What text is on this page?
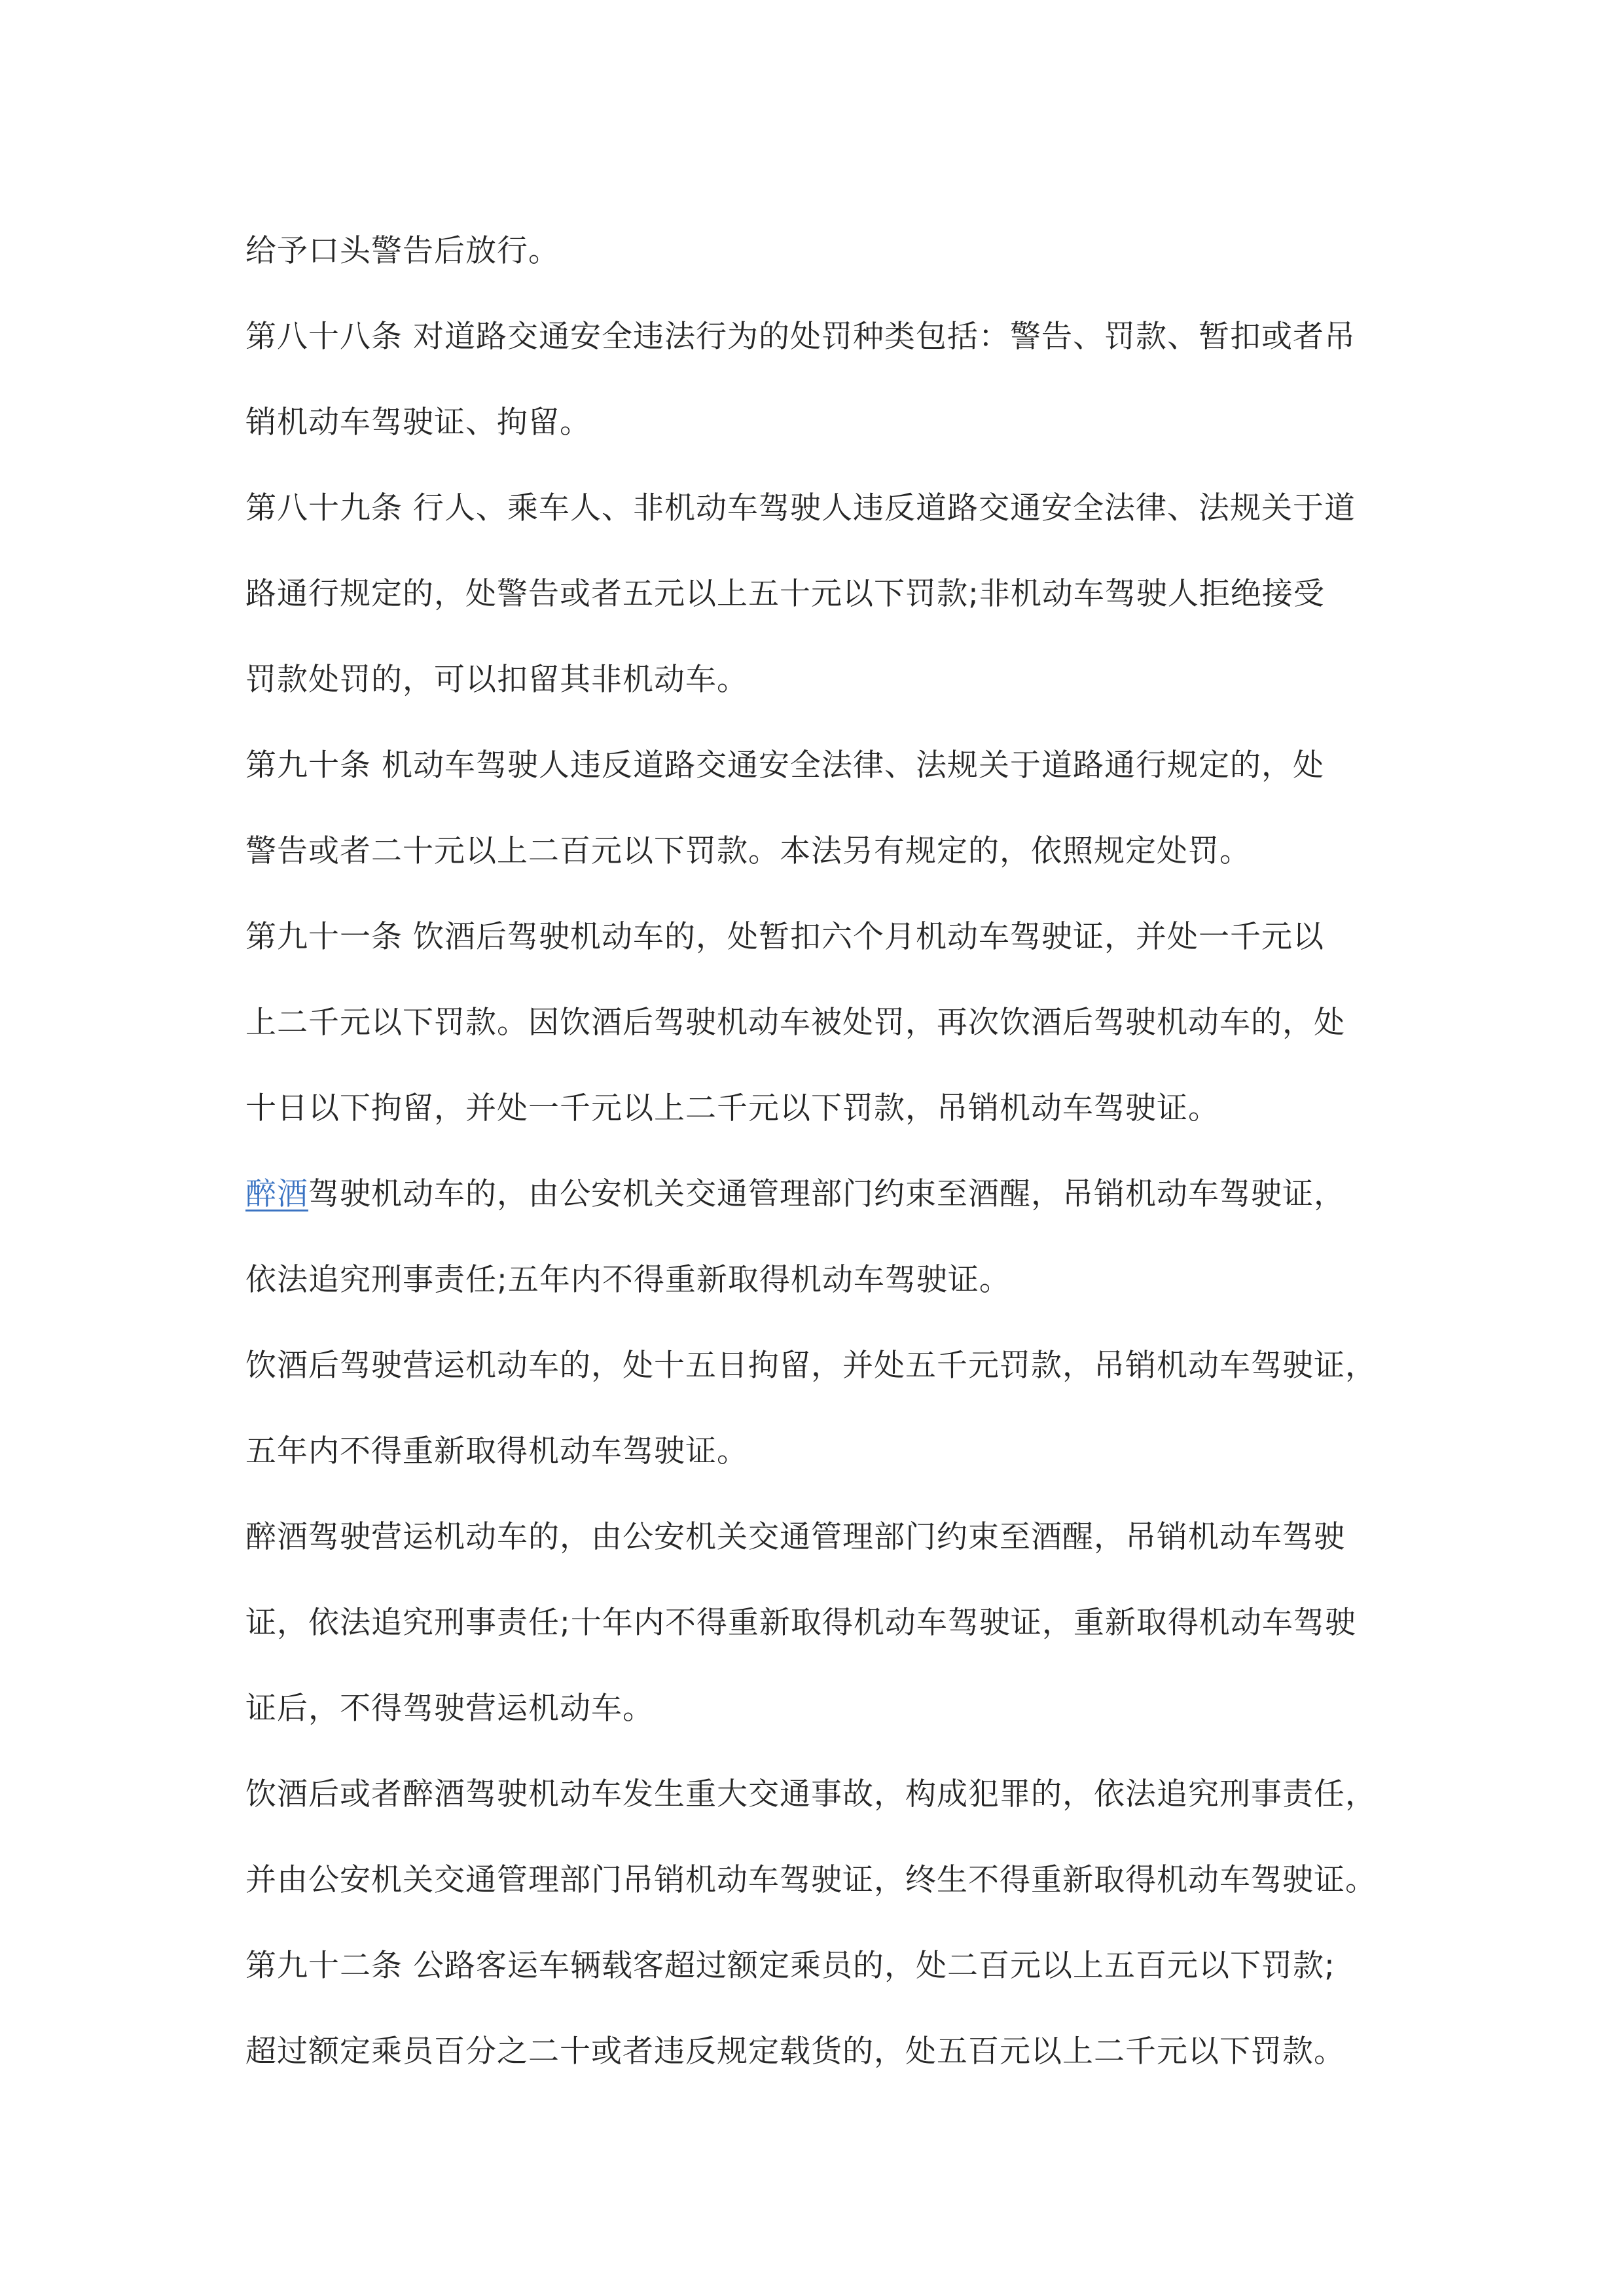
给予口头警告后放行。
第八十八条 对道路交通安全违法行为的处罚种类包括：警告、罚款、暂扣或者吊
销机动车驾驶证、拘留。
第八十九条 行人、乘车人、非机动车驾驶人违反道路交通安全法律、法规关于道
路通行规定的，处警告或者五元以上五十元以下罚款;非机动车驾驶人拒绝接受
罚款处罚的，可以扣留其非机动车。
第九十条 机动车驾驶人违反道路交通安全法律、法规关于道路通行规定的，处
警告或者二十元以上二百元以下罚款。本法另有规定的，依照规定处罚。
第九十一条 饮酒后驾驶机动车的，处暂扣六个月机动车驾驶证，并处一千元以
上二千元以下罚款。因饮酒后驾驶机动车被处罚，再次饮酒后驾驶机动车的，处
十日以下拘留，并处一千元以上二千元以下罚款，吊销机动车驾驶证。
醉酒驾驶机动车的，由公安机关交通管理部门约束至酒醒，吊销机动车驾驶证，
依法追究刑事责任;五年内不得重新取得机动车驾驶证。
饮酒后驾驶营运机动车的，处十五日拘留，并处五千元罚款，吊销机动车驾驶证，
五年内不得重新取得机动车驾驶证。
醉酒驾驶营运机动车的，由公安机关交通管理部门约束至酒醒，吊销机动车驾驶
证，依法追究刑事责任;十年内不得重新取得机动车驾驶证，重新取得机动车驾驶
证后，不得驾驶营运机动车。
饮酒后或者醉酒驾驶机动车发生重大交通事故，构成犯罪的，依法追究刑事责任，
并由公安机关交通管理部门吊销机动车驾驶证，终生不得重新取得机动车驾驶证。
第九十二条 公路客运车辆载客超过额定乘员的，处二百元以上五百元以下罚款;
超过额定乘员百分之二十或者违反规定载货的，处五百元以上二千元以下罚款。
